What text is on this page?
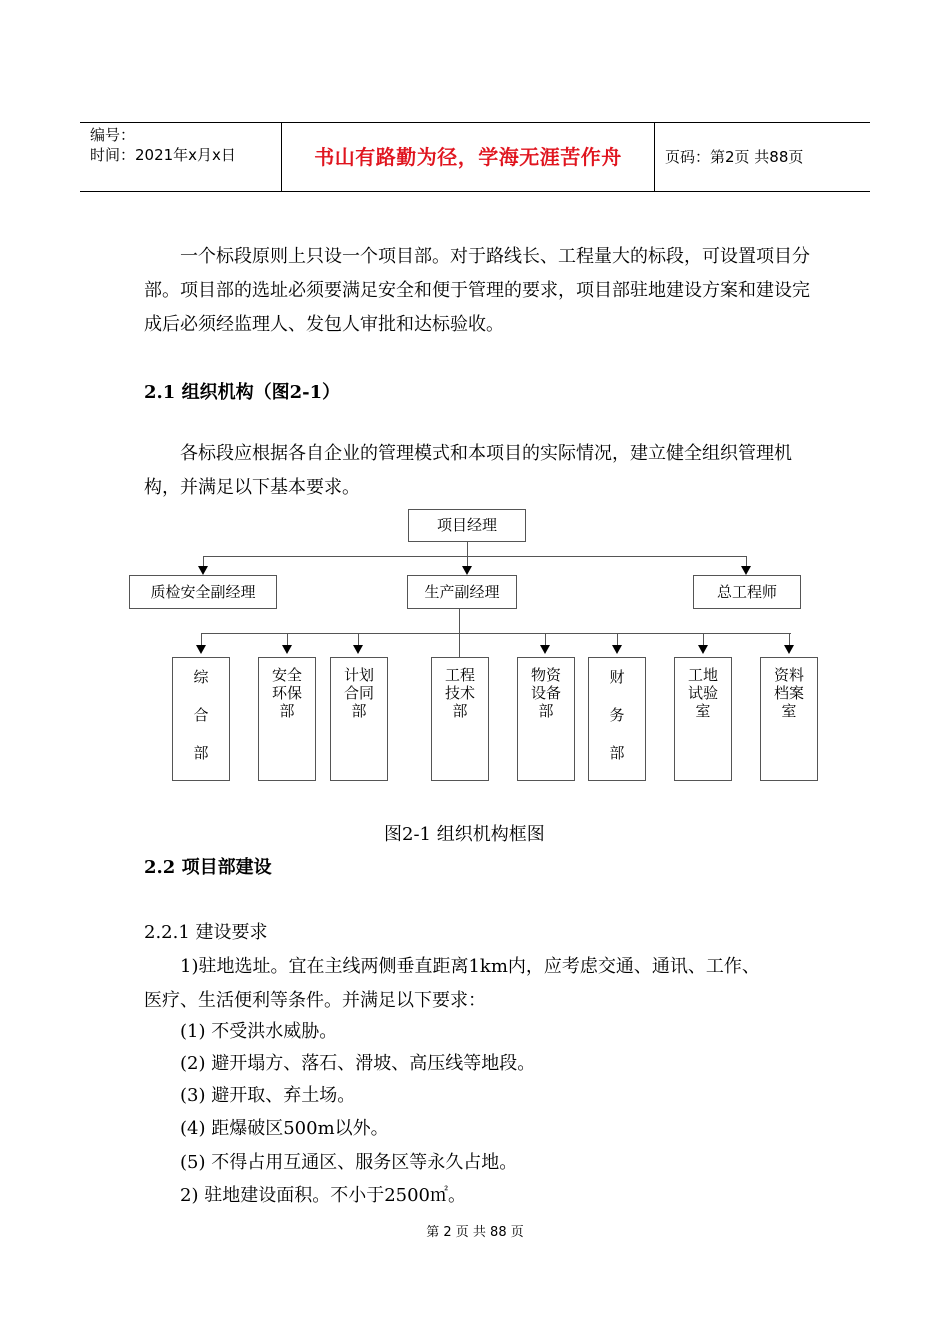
编号：
时间：2021年x月x日	书山有路勤为径，学海无涯苦作舟	页码：第2页 共88页
一个标段原则上只设一个项目部。对于路线长、工程量大的标段，可设置项目分部。项目部的选址必须要满足安全和便于管理的要求，项目部驻地建设方案和建设完成后必须经监理人、发包人审批和达标验收。
2.1 组织机构（图2-1）
各标段应根据各自企业的管理模式和本项目的实际情况，建立健全组织管理机构，并满足以下基本要求。
项目经理
质检安全副经理	生产副经理	总工程师
综
合
部
安全
环保
部
计划
合同
部
工程
技术
部
物资
设备
部
财
务
部
工地
试验
室
资料
档案
室
图2-1 组织机构框图
2.2 项目部建设
2.2.1 建设要求
1)驻地选址。宜在主线两侧垂直距离1km内，应考虑交通、通讯、工作、
医疗、生活便利等条件。并满足以下要求：
(1) 不受洪水威胁。
(2) 避开塌方、落石、滑坡、高压线等地段。
(3) 避开取、弃土场。
(4) 距爆破区500m以外。
(5) 不得占用互通区、服务区等永久占地。
2) 驻地建设面积。不小于2500㎡。
第 2 页 共 88 页
